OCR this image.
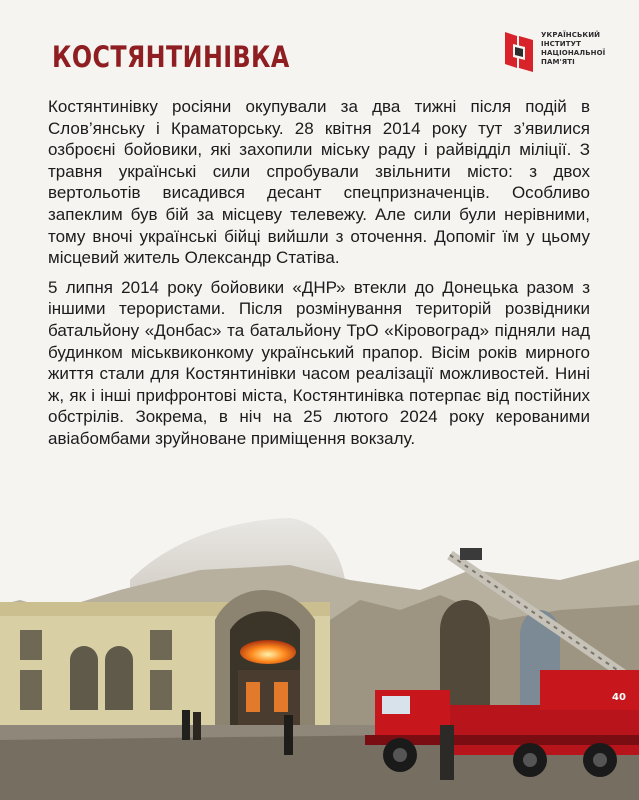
КОСТЯНТИНІВКА
УКРАЇНСЬКИЙ
ІНСТИТУТ
НАЦІОНАЛЬНОЇ
ПАМ'ЯТІ

Костянтинівку росіяни окупували за два тижні після подій в Слов’янську і Краматорську. 28 квітня 2014 року тут з’явилися озброєні бойовики, які захопили міську раду і райвідділ міліції. З травня українські сили спробували звільнити місто: з двох вертольотів висадився десант спецпризначенців. Особливо запеклим був бій за місцеву телевежу. Але сили були нерівними, тому вночі українські бійці вийшли з оточення. Допоміг їм у цьому місцевий житель Олександр Статіва.

5 липня 2014 року бойовики «ДНР» втекли до Донецька разом з іншими терористами. Після розмінування територій розвідники батальйону «Донбас» та батальйону ТрО «Кіровоград» підняли над будинком міськвиконкому український прапор. Вісім років мирного життя стали для Костянтинівки часом реалізації можливостей. Нині ж, як і інші прифронтові міста, Костянтинівка потерпає від постійних обстрілів. Зокрема, в ніч на 25 лютого 2024 року керованими авіабомбами зруйноване приміщення вокзалу.

40
